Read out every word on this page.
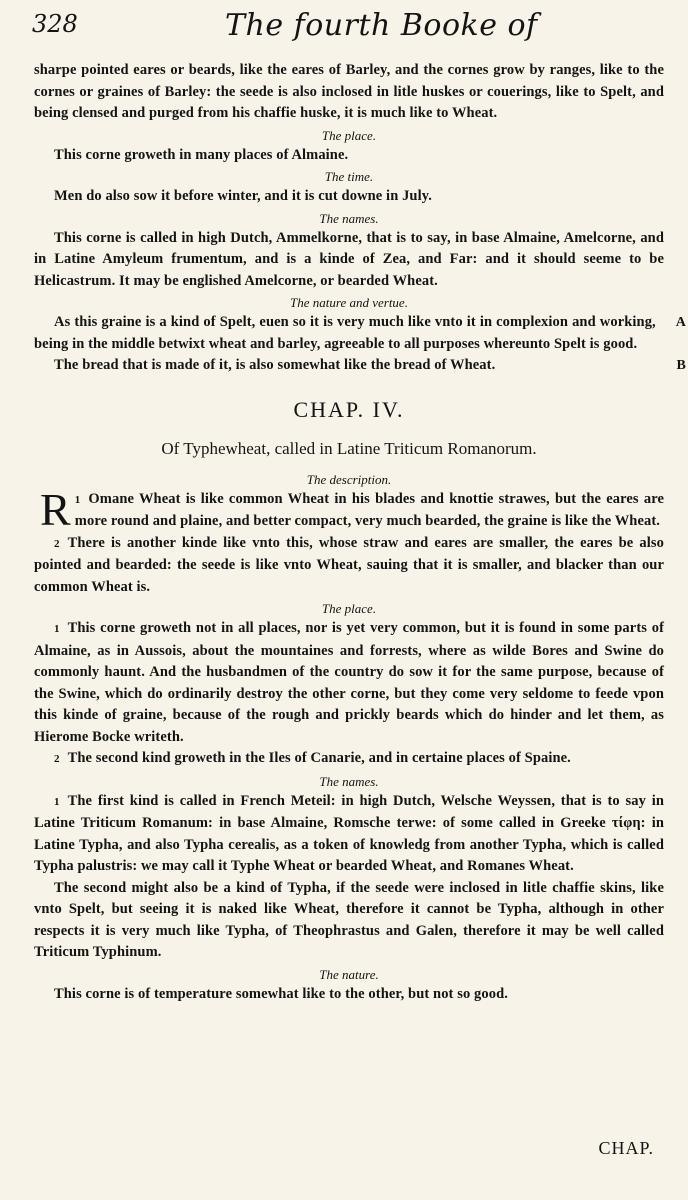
328	The fourth Booke of

sharpe pointed eares or beards, like the eares of Barley, and the cornes grow by ranges, like to the cornes or graines of Barley: the seede is also inclosed in litle huskes or couerings, like to Spelt, and being clensed and purged from his chaffie huske, it is much like to Wheat.

The place.

This corne groweth in many places of Almaine.

The time.

Men do also sow it before winter, and it is cut downe in July.

The names.

This corne is called in high Dutch, Ammelkorne, that is to say, in base Almaine, Amelcorne, and in Latine Amyleum frumentum, and is a kinde of Zea, and Far: and it should seeme to be Helicastrum. It may be englished Amelcorne, or bearded Wheat.

The nature and vertue.

A
As this graine is a kind of Spelt, euen so it is very much like vnto it in complexion and working, being in the middle betwixt wheat and barley, agreeable to all purposes whereunto Spelt is good.

B
The bread that is made of it, is also somewhat like the bread of Wheat.

CHAP. IV.
Of Typhewheat, called in Latine Triticum Romanorum.
The description.

1
R Omane Wheat is like common Wheat in his blades and knottie strawes, but the eares are more round and plaine, and better compact, very much bearded, the graine is like the Wheat.

2 There is another kinde like vnto this, whose straw and eares are smaller, the eares be also pointed and bearded: the seede is like vnto Wheat, sauing that it is smaller, and blacker than our common Wheat is.

The place.

1 This corne groweth not in all places, nor is yet very common, but it is found in some parts of Almaine, as in Aussois, about the mountaines and forrests, where as wilde Bores and Swine do commonly haunt. And the husbandmen of the country do sow it for the same purpose, because of the Swine, which do ordinarily destroy the other corne, but they come very seldome to feede vpon this kinde of graine, because of the rough and prickly beards which do hinder and let them, as Hierome Bocke writeth.

2 The second kind groweth in the Iles of Canarie, and in certaine places of Spaine.

The names.

1 The first kind is called in French Meteil: in high Dutch, Welsche Weyssen, that is to say in Latine Triticum Romanum: in base Almaine, Romsche terwe: of some called in Greeke τίφη: in Latine Typha, and also Typha cerealis, as a token of knowledg from another Typha, which is called Typha palustris: we may call it Typhe Wheat or bearded Wheat, and Romanes Wheat.

The second might also be a kind of Typha, if the seede were inclosed in litle chaffie skins, like vnto Spelt, but seeing it is naked like Wheat, therefore it cannot be Typha, although in other respects it is very much like Typha, of Theophrastus and Galen, therefore it may be well called Triticum Typhinum.

The nature.

This corne is of temperature somewhat like to the other, but not so good.

CHAP.
